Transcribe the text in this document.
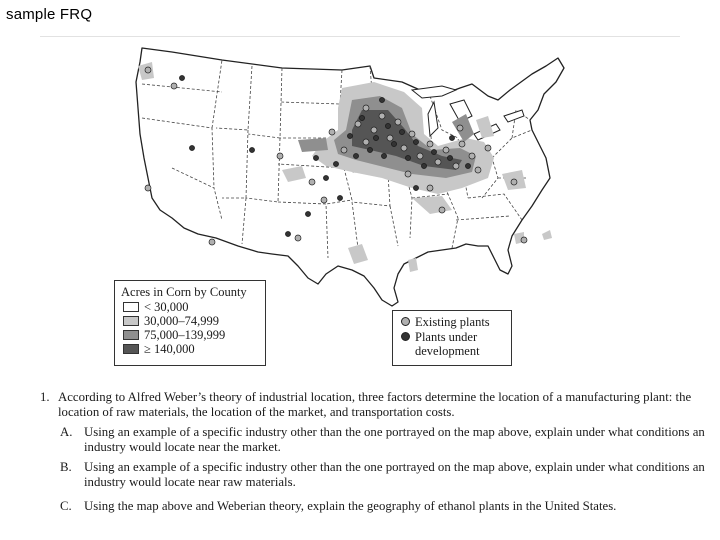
sample FRQ
Acres in Corn by County
< 30,000
30,000–74,999
75,000–139,999
≥ 140,000
Existing plants
Plants under development
1. According to Alfred Weber’s theory of industrial location, three factors determine the location of a manufacturing plant: the location of raw materials, the location of the market, and transportation costs.
A. Using an example of a specific industry other than the one portrayed on the map above, explain under what conditions an industry would locate near the market.
B. Using an example of a specific industry other than the one portrayed on the map above, explain under what conditions an industry would locate near raw materials.
C. Using the map above and Weberian theory, explain the geography of ethanol plants in the United States.
